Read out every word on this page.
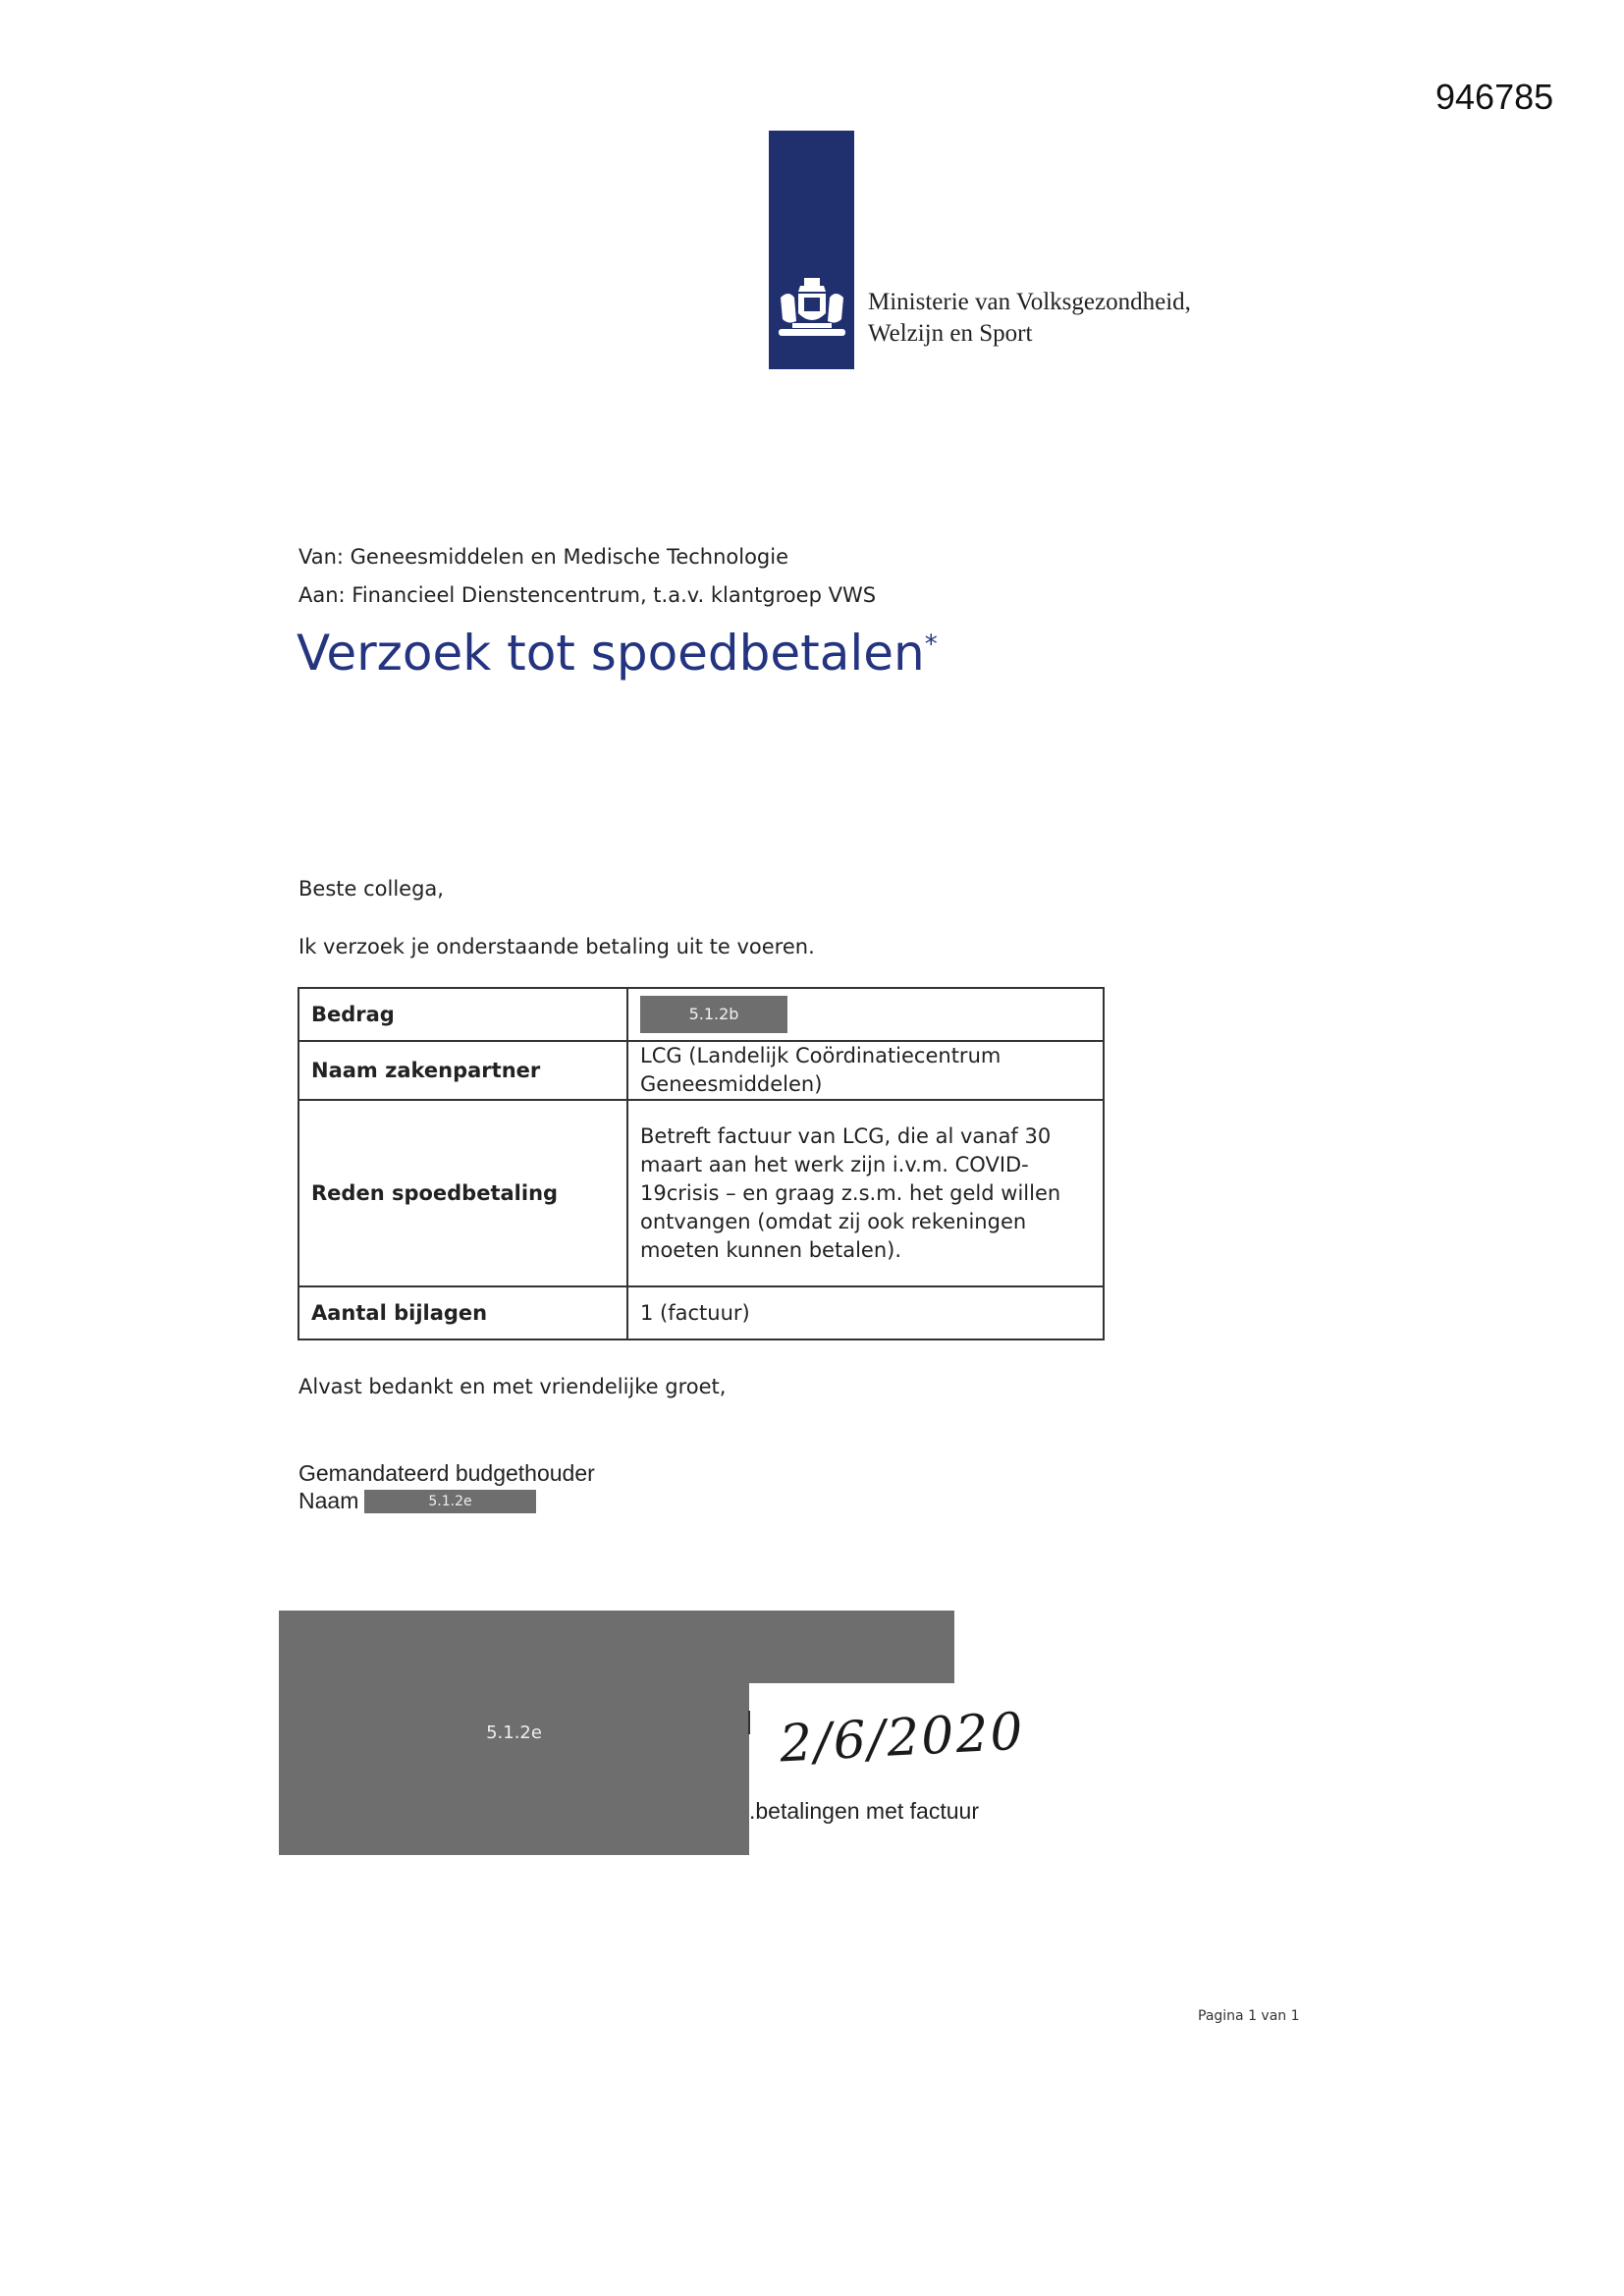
946785
Ministerie van Volksgezondheid,
Welzijn en Sport
Van: Geneesmiddelen en Medische Technologie
Aan: Financieel Dienstencentrum, t.a.v. klantgroep VWS
Verzoek tot spoedbetalen*
Beste collega,
Ik verzoek je onderstaande betaling uit te voeren.
Bedrag	5.1.2b
Naam zakenpartner	LCG (Landelijk Coördinatiecentrum Geneesmiddelen)
Reden spoedbetaling	Betreft factuur van LCG, die al vanaf 30 maart aan het werk zijn i.v.m. COVID-19crisis – en graag z.s.m. het geld willen ontvangen (omdat zij ook rekeningen moeten kunnen betalen).
Aantal bijlagen	1 (factuur)
Alvast bedankt en met vriendelijke groet,
Gemandateerd budgethouder
Naam	5.1.2e
5.1.2e	2/6/2020
betalingen met factuur.
Pagina 1 van 1
